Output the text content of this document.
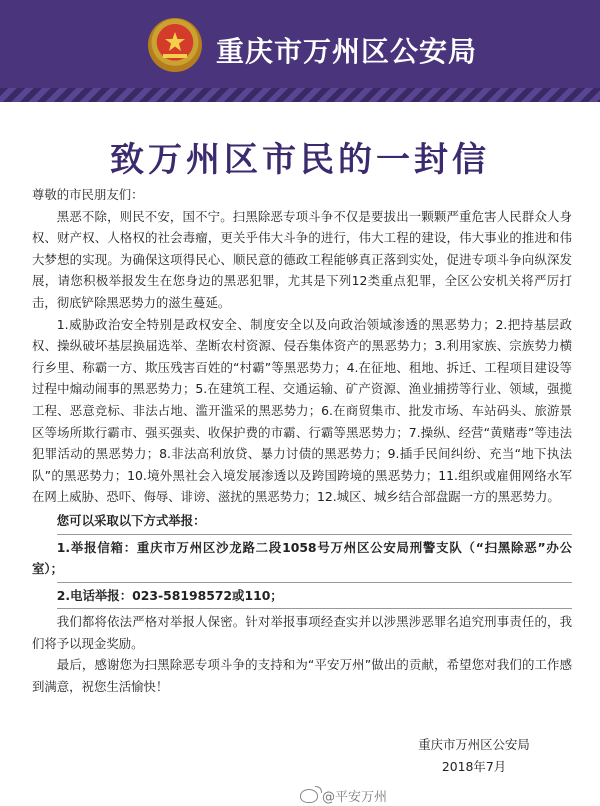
重庆市万州区公安局
致万州区市民的一封信

尊敬的市民朋友们：

黑恶不除，则民不安，国不宁。扫黑除恶专项斗争不仅是要拔出一颗颗严重危害人民群众人身权、财产权、人格权的社会毒瘤，更关乎伟大斗争的进行，伟大工程的建设，伟大事业的推进和伟大梦想的实现。为确保这项得民心、顺民意的德政工程能够真正落到实处，促进专项斗争向纵深发展，请您积极举报发生在您身边的黑恶犯罪，尤其是下列12类重点犯罪，全区公安机关将严厉打击，彻底铲除黑恶势力的滋生蔓延。

1.威胁政治安全特别是政权安全、制度安全以及向政治领域渗透的黑恶势力；2.把持基层政权、操纵破坏基层换届选举、垄断农村资源、侵吞集体资产的黑恶势力；3.利用家族、宗族势力横行乡里、称霸一方、欺压残害百姓的“村霸”等黑恶势力；4.在征地、租地、拆迁、工程项目建设等过程中煽动闹事的黑恶势力；5.在建筑工程、交通运输、矿产资源、渔业捕捞等行业、领域，强揽工程、恶意竞标、非法占地、滥开滥采的黑恶势力；6.在商贸集市、批发市场、车站码头、旅游景区等场所欺行霸市、强买强卖、收保护费的市霸、行霸等黑恶势力；7.操纵、经营“黄赌毒”等违法犯罪活动的黑恶势力；8.非法高利放贷、暴力讨债的黑恶势力；9.插手民间纠纷、充当“地下执法队”的黑恶势力；10.境外黑社会入境发展渗透以及跨国跨境的黑恶势力；11.组织或雇佣网络水军在网上威胁、恐吓、侮辱、诽谤、滋扰的黑恶势力；12.城区、城乡结合部盘踞一方的黑恶势力。

您可以采取以下方式举报：

1.举报信箱：重庆市万州区沙龙路二段1058号万州区公安局刑警支队（“扫黑除恶”办公室）；

2.电话举报：023-58198572或110；

我们都将依法严格对举报人保密。针对举报事项经查实并以涉黑涉恶罪名追究刑事责任的，我们将予以现金奖励。

最后，感谢您为扫黑除恶专项斗争的支持和为“平安万州”做出的贡献，希望您对我们的工作感到满意，祝您生活愉快！

重庆市万州区公安局
2018年7月
@平安万州
